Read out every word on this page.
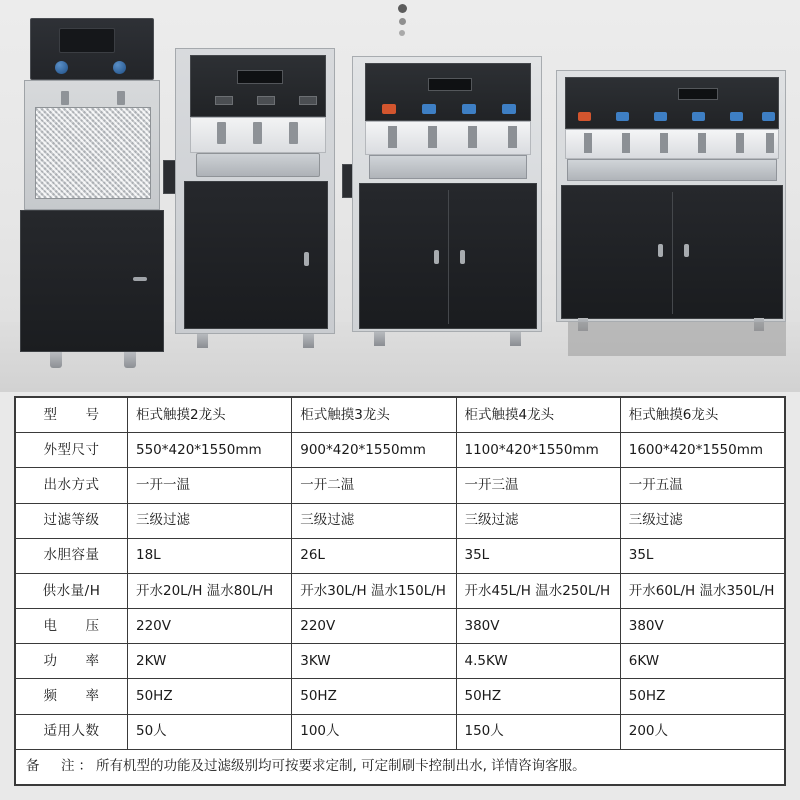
型　　号	柜式触摸2龙头	柜式触摸3龙头	柜式触摸4龙头	柜式触摸6龙头
外型尺寸	550*420*1550mm	900*420*1550mm	1100*420*1550mm	1600*420*1550mm
出水方式	一开一温	一开二温	一开三温	一开五温
过滤等级	三级过滤	三级过滤	三级过滤	三级过滤
水胆容量	18L	26L	35L	35L
供水量/H	开水20L/H 温水80L/H	开水30L/H 温水150L/H	开水45L/H 温水250L/H	开水60L/H 温水350L/H
电　　压	220V	220V	380V	380V
功　　率	2KW	3KW	4.5KW	6KW
频　　率	50HZ	50HZ	50HZ	50HZ
适用人数	50人	100人	150人	200人
备　注：所有机型的功能及过滤级别均可按要求定制, 可定制刷卡控制出水, 详情咨询客服。				
